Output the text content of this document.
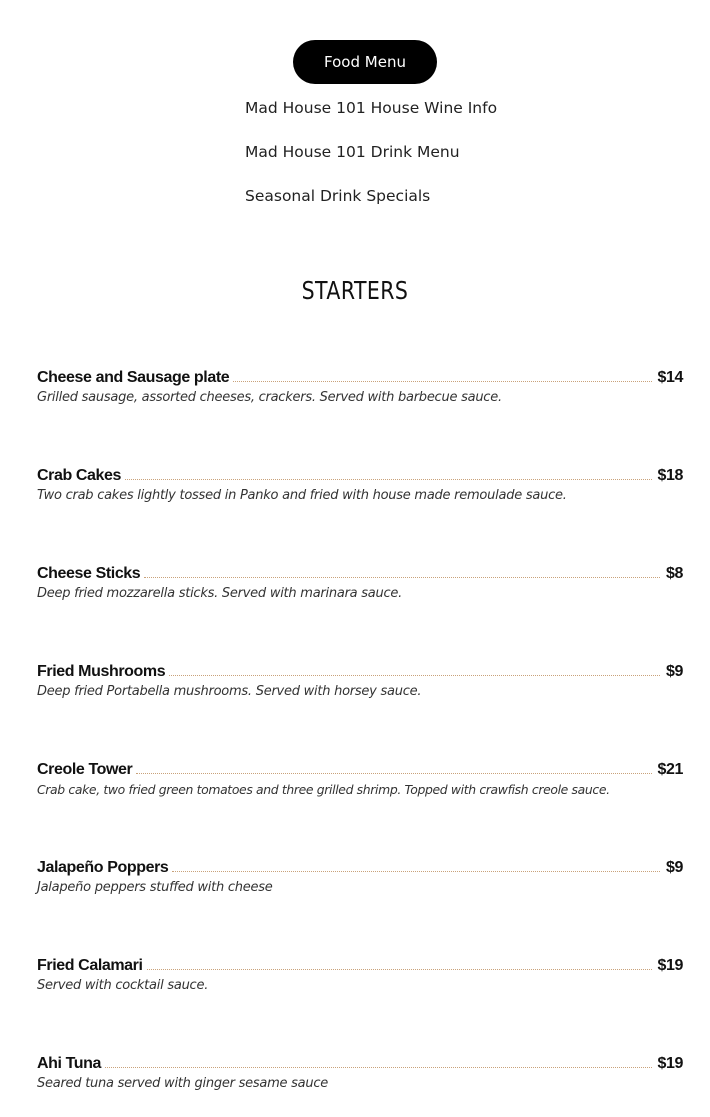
Food Menu
Mad House 101 House Wine Info
Mad House 101 Drink Menu
Seasonal Drink Specials
STARTERS
Cheese and Sausage plate	$14
Grilled sausage, assorted cheeses, crackers. Served with barbecue sauce.
Crab Cakes	$18
Two crab cakes lightly tossed in Panko and fried with house made remoulade sauce.
Cheese Sticks	$8
Deep fried mozzarella sticks. Served with marinara sauce.
Fried Mushrooms	$9
Deep fried Portabella mushrooms. Served with horsey sauce.
Creole Tower	$21
Crab cake, two fried green tomatoes and three grilled shrimp. Topped with crawfish creole sauce.
Jalapeño Poppers	$9
Jalapeño peppers stuffed with cheese
Fried Calamari	$19
Served with cocktail sauce.
Ahi Tuna	$19
Seared tuna served with ginger sesame sauce
